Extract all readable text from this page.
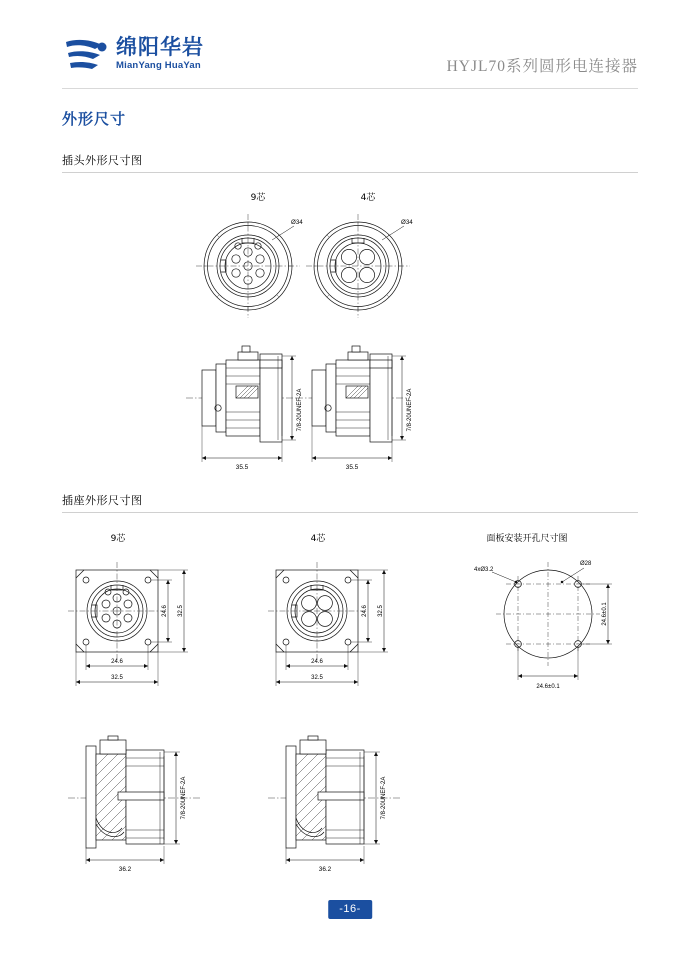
绵阳华岩
MianYang HuaYan	HYJL70系列圆形电连接器
外形尺寸
插头外形尺寸图
插座外形尺寸图
9芯	4芯
Ø34	Ø34
7/8-20UNEF-2A
35.5
7/8-20UNEF-2A
35.5
9芯	4芯	面板安装开孔尺寸图
24.6 32.5
24.6
32.5
24.6 32.5
24.6
32.5
4xØ3.2
Ø28
24.6±0.1
24.6±0.1
7/8-20UNEF-2A
36.2
7/8-20UNEF-2A
36.2
-16-
